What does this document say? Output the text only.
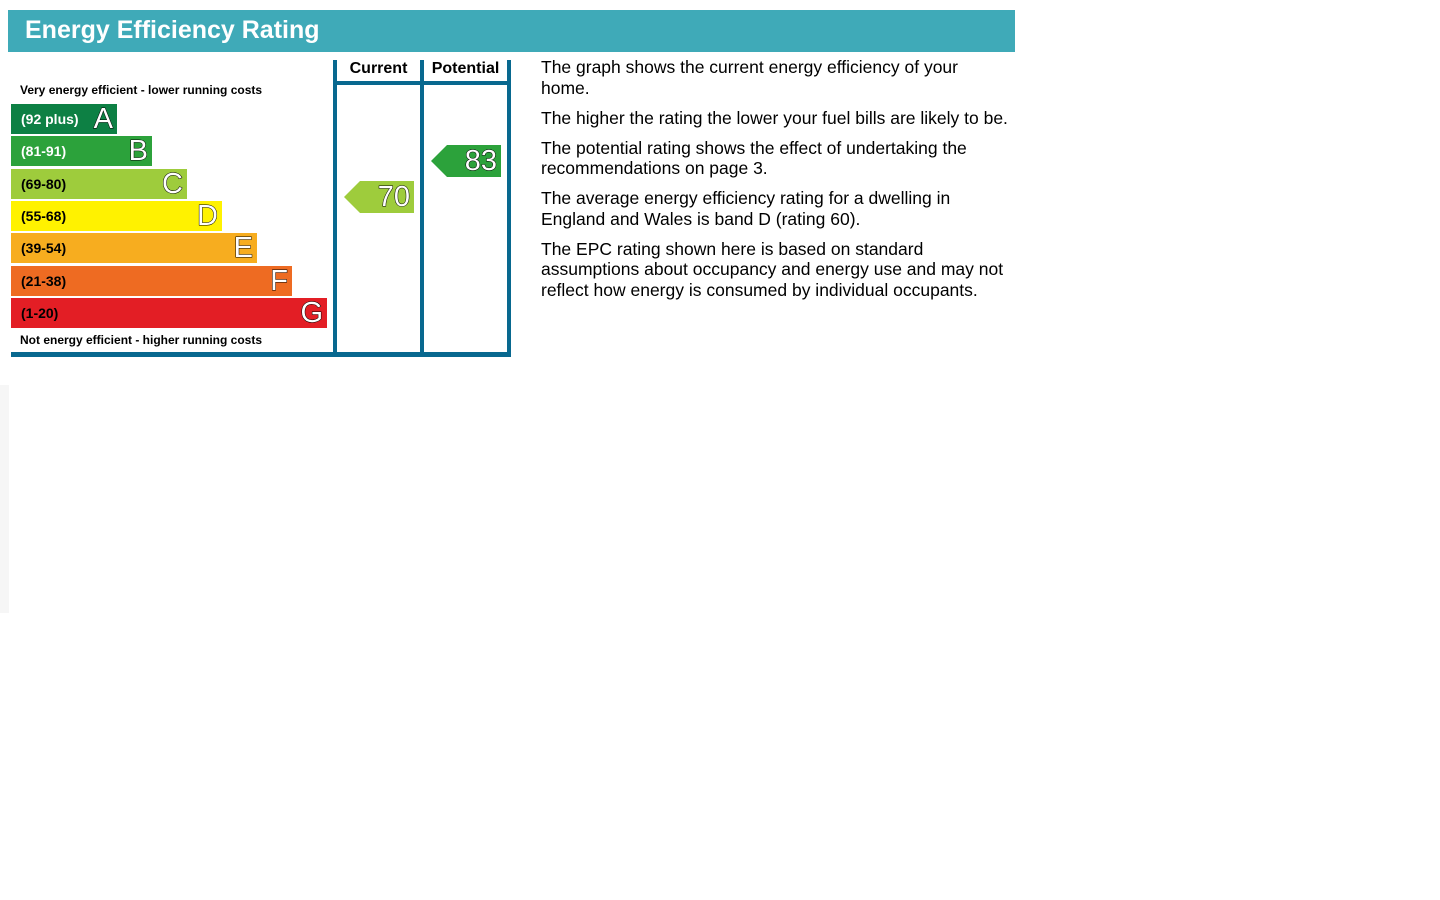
Energy Efficiency Rating
Very energy efficient - lower running costs
(92 plus) A
(81-91) B
(69-80)	C
(55-68)	D
(39-54)	E
(21-38)	F
(1-20)	G
Not energy efficient - higher running costs
Current	Potential
70
83

The graph shows the current energy efficiency of your home.

The higher the rating the lower your fuel bills are likely to be.

The potential rating shows the effect of undertaking the recommendations on page 3.

The average energy efficiency rating for a dwelling in England and Wales is band D (rating 60).

The EPC rating shown here is based on standard assumptions about occupancy and energy use and may not reflect how energy is consumed by individual occupants.
